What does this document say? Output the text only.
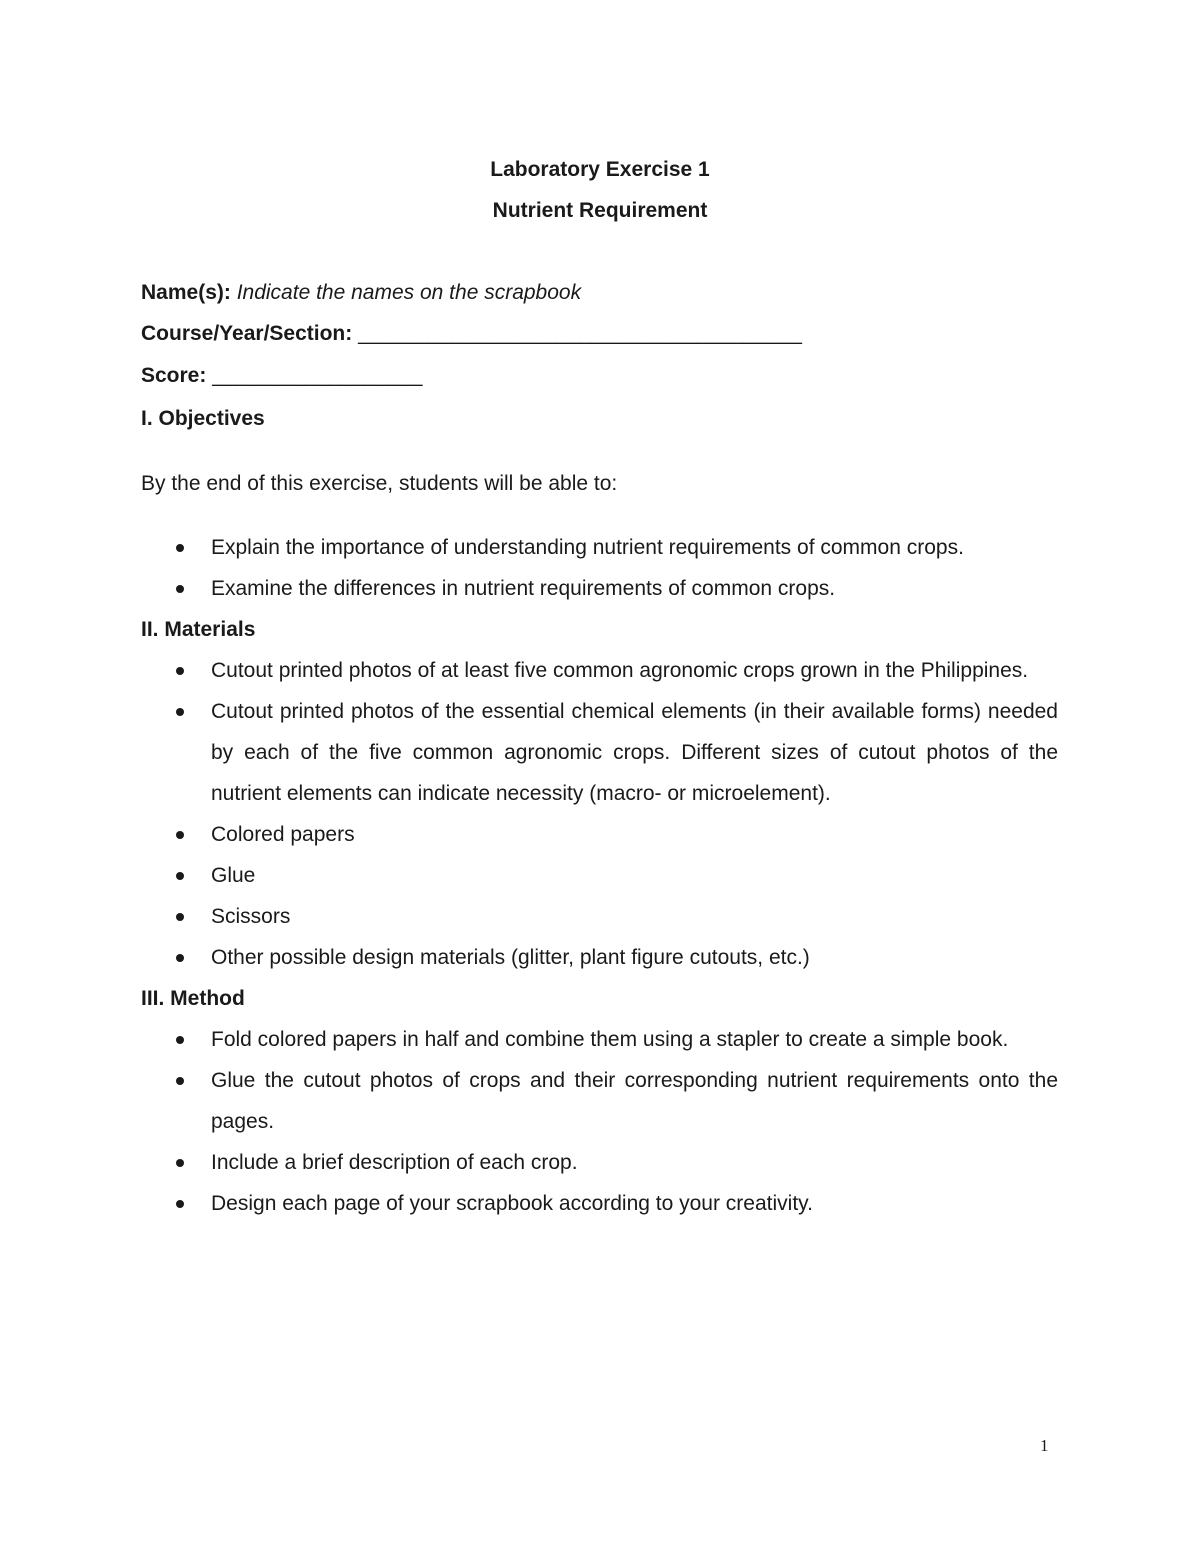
Laboratory Exercise 1
Nutrient Requirement
Name(s): Indicate the names on the scrapbook
Course/Year/Section: ______________________________________
Score: __________________
I. Objectives
By the end of this exercise, students will be able to:
Explain the importance of understanding nutrient requirements of common crops.
Examine the differences in nutrient requirements of common crops.
II. Materials
Cutout printed photos of at least five common agronomic crops grown in the Philippines.
Cutout printed photos of the essential chemical elements (in their available forms) needed by each of the five common agronomic crops. Different sizes of cutout photos of the nutrient elements can indicate necessity (macro- or microelement).
Colored papers
Glue
Scissors
Other possible design materials (glitter, plant figure cutouts, etc.)
III. Method
Fold colored papers in half and combine them using a stapler to create a simple book.
Glue the cutout photos of crops and their corresponding nutrient requirements onto the pages.
Include a brief description of each crop.
Design each page of your scrapbook according to your creativity.
1
